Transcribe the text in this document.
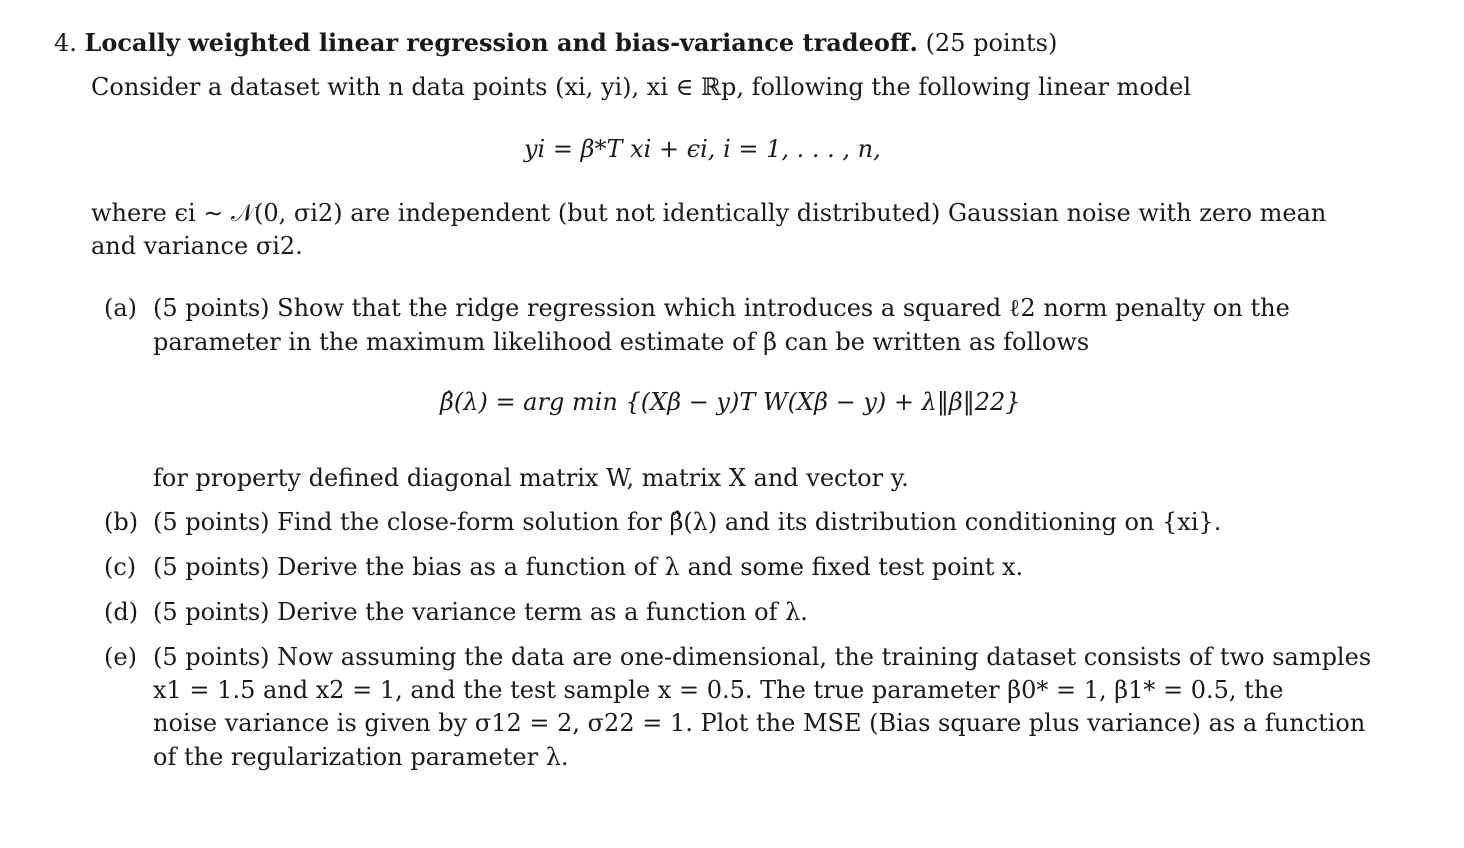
4. Locally weighted linear regression and bias-variance tradeoff. (25 points)
Consider a dataset with n data points (xi, yi), xi ∈ ℝp, following the following linear model
yi = β*T xi + ϵi, i = 1, . . . , n,
where ϵi ∼ 𝒩(0, σi2) are independent (but not identically distributed) Gaussian noise with zero mean
and variance σi2.
(a) (5 points) Show that the ridge regression which introduces a squared ℓ2 norm penalty on the
parameter in the maximum likelihood estimate of β can be written as follows
β̂(λ) = arg min {(Xβ − y)T W(Xβ − y) + λ‖β‖22}
for property defined diagonal matrix W, matrix X and vector y.
(b) (5 points) Find the close-form solution for β̂(λ) and its distribution conditioning on {xi}.
(c) (5 points) Derive the bias as a function of λ and some fixed test point x.
(d) (5 points) Derive the variance term as a function of λ.
(e) (5 points) Now assuming the data are one-dimensional, the training dataset consists of two samples
x1 = 1.5 and x2 = 1, and the test sample x = 0.5. The true parameter β0* = 1, β1* = 0.5, the
noise variance is given by σ12 = 2, σ22 = 1. Plot the MSE (Bias square plus variance) as a function
of the regularization parameter λ.
